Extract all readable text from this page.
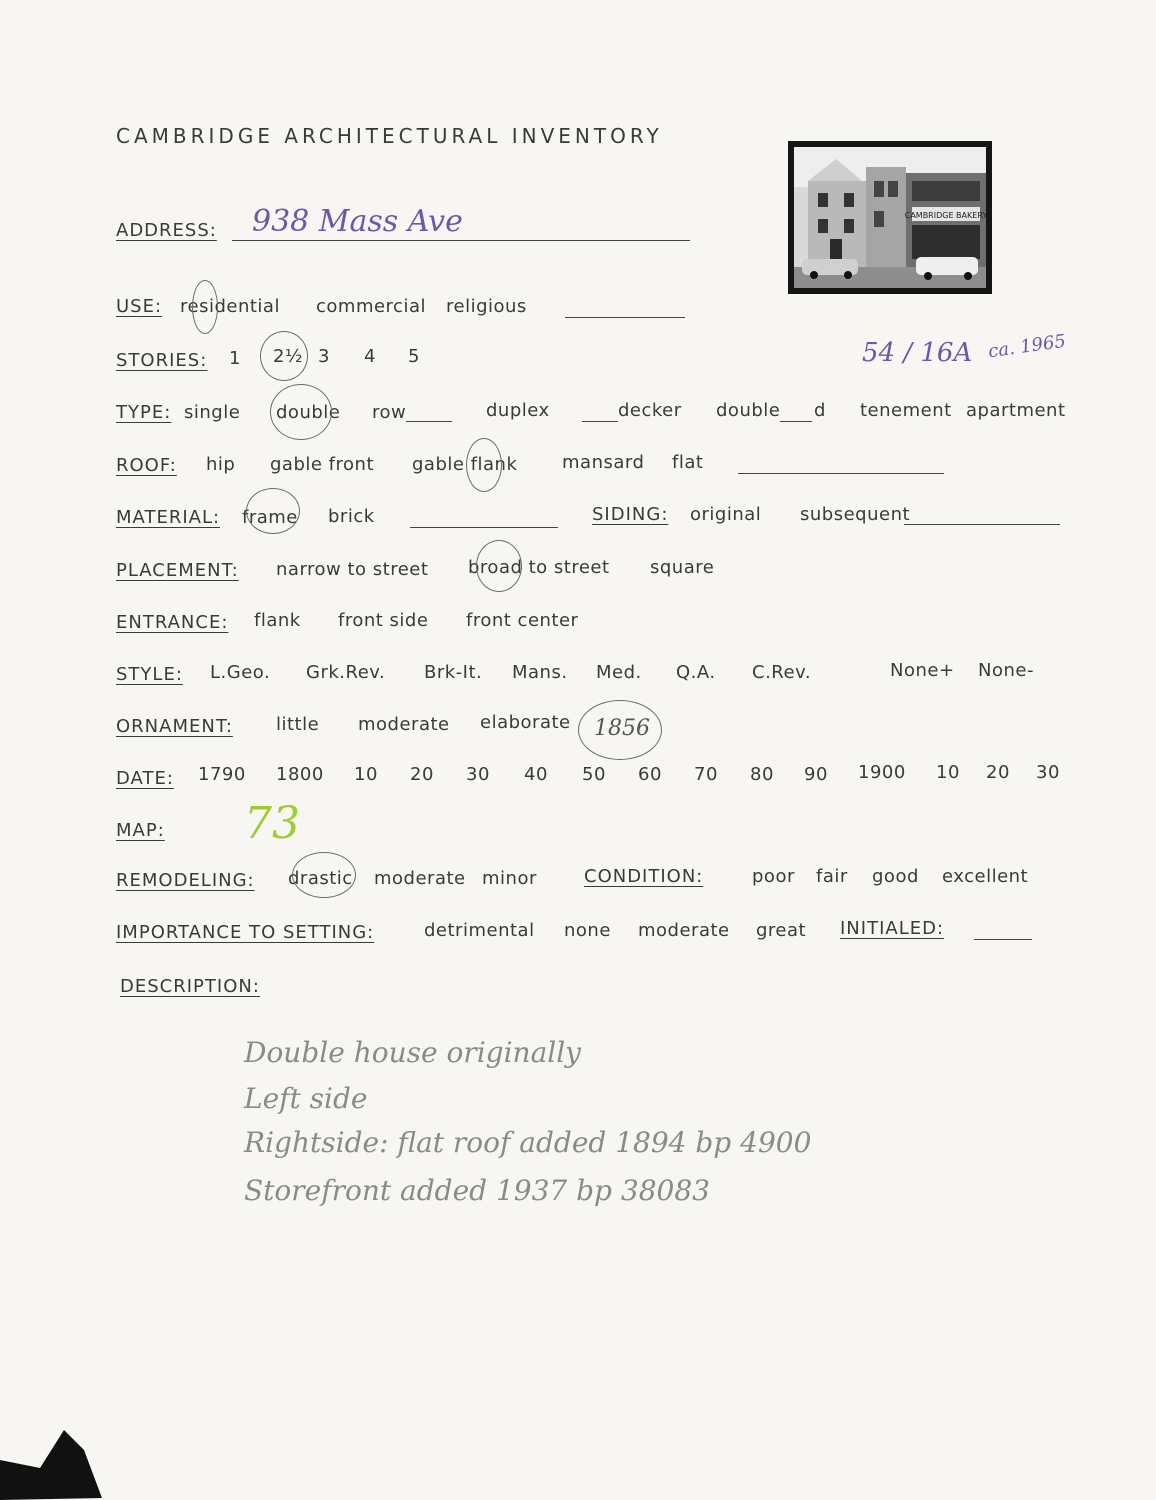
CAMBRIDGE ARCHITECTURAL INVENTORY
CAMBRIDGE BAKERY
ADDRESS: 938 Mass Ave
USE: residential commercial religious
STORIES: 1 2½ 3 4 5	54 / 16A ca. 1965
TYPE: single double row	duplex	decker double d tenement apartment
ROOF: hip gable front gable flank mansard flat
MATERIAL: frame brick	SIDING: original subsequent
PLACEMENT: narrow to street broad to street square
ENTRANCE: flank front side front center
STYLE: L.Geo. Grk.Rev. Brk-It. Mans. Med. Q.A. C.Rev.	None+ None-
ORNAMENT: little moderate elaborate 1856
DATE: 1790 1800 10 20 30 40 50 60 70 80 90 1900 10 20 30
MAP: 73
REMODELING: drastic moderate minor	CONDITION:	poor fair good excellent
IMPORTANCE TO SETTING:	detrimental none moderate great INITIALED:
DESCRIPTION:
Double house originally
Left side
Rightside: flat roof added 1894 bp 4900
Storefront added 1937 bp 38083
